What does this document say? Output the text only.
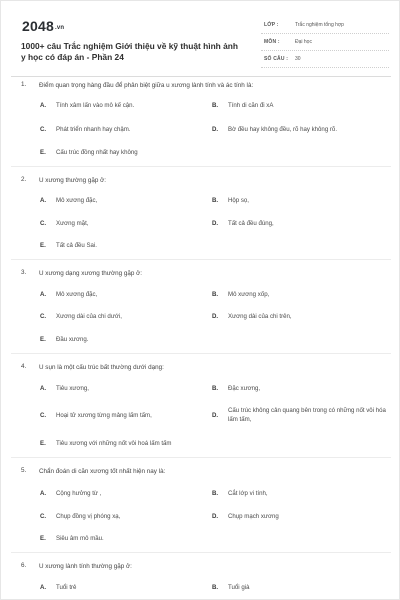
2048.vn
1000+ câu Trắc nghiệm Giới thiệu về kỹ thuật hình ảnh y học có đáp án - Phần 24
LỚP :	Trắc nghiệm tổng hợp
MÔN :	Đại học
SỐ CÂU : 30
1. Điểm quan trọng hàng đầu để phân biệt giữa u xương lành tính và ác tính là:
A. Tính xâm lấn vào mô kế cận.	B. Tính di căn đi xA
C. Phát triển nhanh hay chậm.	D. Bờ đều hay không đều, rõ hay không rõ.
E. Cấu trúc đồng nhất hay không
2. U xương thường gặp ở:
A. Mô xương đặc,	B. Hộp sọ,
C. Xương mặt,	D. Tất cả đều đúng,
E. Tất cả đều Sai.
3. U xương dạng xương thường gặp ở:
A. Mô xương đặc,	B. Mô xương xốp,
C. Xương dài của chi dưới,	D. Xương dài của chi trên,
E. Đầu xương.
4. U sụn là một cấu trúc bất thường dưới dạng:
A. Tiêu xương,	B. Đặc xương,
C. Hoại tử xương từng mảng lấm tấm,	D.
Cấu trúc không cản quang bên trong có những nốt vôi hóa lấm tấm,
E. Tiêu xương với những nốt vôi hoá lấm tấm
5. Chẩn đoán di căn xương tốt nhất hiện nay là:
A. Cộng hưởng từ ,	B. Cắt lớp vi tính,
C. Chụp đồng vị phóng xạ,	D. Chụp mạch xương
E. Siêu âm mô mầu.
6. U xương lành tính thường gặp ở:
A. Tuổi trẻ	B. Tuổi già
